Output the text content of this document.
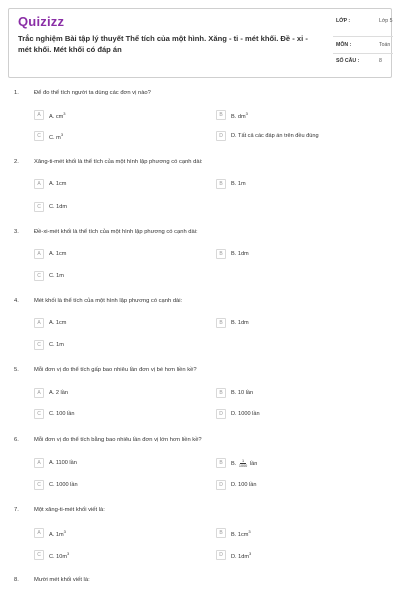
Quizizz
Trắc nghiệm Bài tập lý thuyết Thể tích của một hình. Xăng - ti - mét khối. Đề - xi - mét khối. Mét khối có đáp án
LỚP :	Lớp 5
MÔN :	Toán
SỐ CÂU :	8
1.	Để đo thể tích người ta dùng các đơn vị nào?
A	A. $cm^3$	B	B. $dm^3$
C	C. $m^3$	D	D. Tất cả các đáp án trên đều đúng
2.	Xăng-ti-mét khối là thể tích của một hình lập phương có cạnh dài:
A	A. 1cm	B	B. 1m
C	C. 1dm
3.	Đề-xi-mét khối là thể tích của một hình lập phương có cạnh dài:
A	A. 1cm	B	B. 1dm
C	C. 1m
4.	Mét khối là thể tích của một hình lập phương có cạnh dài:
A	A. 1cm	B	B. 1dm
C	C. 1m
5.	Mỗi đơn vị đo thể tích gấp bao nhiêu lần đơn vị bé hơn liền kề?
A	A. 2 lần	B	B. 10 lần
C	C. 100 lần	D	D. 1000 lần
6.	Mỗi đơn vị đo thể tích bằng bao nhiêu lần đơn vị lớn hơn liền kề?
A	A. 1100 lần	B	B. $\frac{1}{1000}$ lần
C	C. 1000 lần	D	D. 100 lần
7.	Một xăng-ti-mét khối viết là:
A	A. $1m^3$	B	B. $1cm^3$
C	C. $10m^3$	D	D. $1dm^3$
8.	Mười mét khối viết là:
